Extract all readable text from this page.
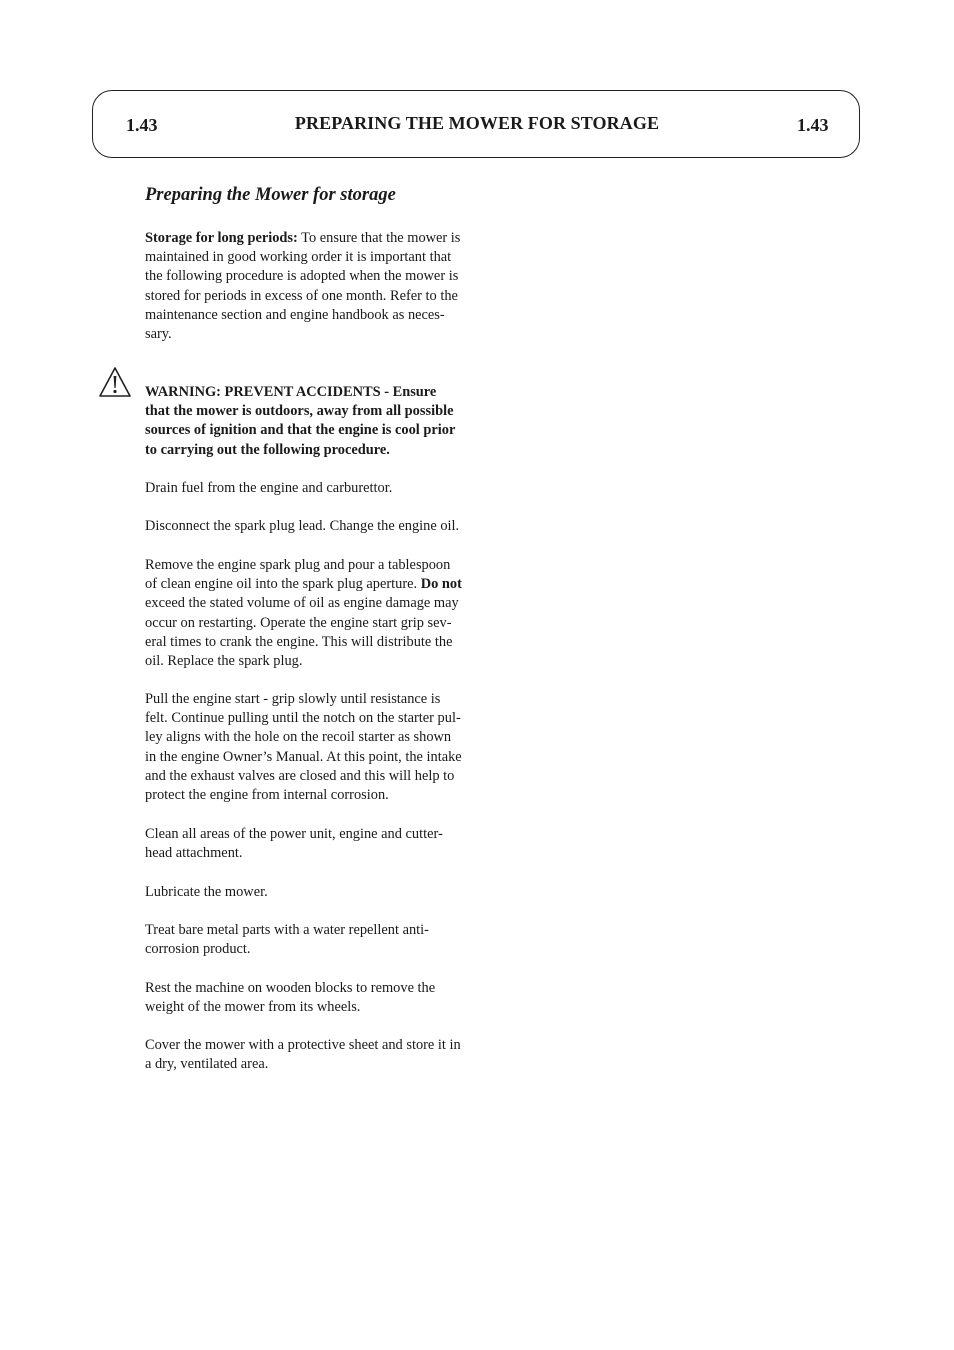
1.43	PREPARING THE MOWER FOR STORAGE	1.43
Preparing the Mower for storage

Storage for long periods: To ensure that the mower is

maintained in good working order it is important that

the following procedure is adopted when the mower is

stored for periods in excess of one month. Refer to the

maintenance section and engine handbook as neces-

sary.

WARNING: PREVENT ACCIDENTS - Ensure

that the mower is outdoors, away from all possible

sources of ignition and that the engine is cool prior

to carrying out the following procedure.

Drain fuel from the engine and carburettor.

Disconnect the spark plug lead. Change the engine oil.

Remove the engine spark plug and pour a tablespoon

of clean engine oil into the spark plug aperture. Do not

exceed the stated volume of oil as engine damage may

occur on restarting. Operate the engine start grip sev-

eral times to crank the engine. This will distribute the

oil. Replace the spark plug.

Pull the engine start - grip slowly until resistance is

felt. Continue pulling until the notch on the starter pul-

ley aligns with the hole on the recoil starter as shown

in the engine Owner’s Manual. At this point, the intake

and the exhaust valves are closed and this will help to

protect the engine from internal corrosion.

Clean all areas of the power unit, engine and cutter-

head attachment.

Lubricate the mower.

Treat bare metal parts with a water repellent anti-

corrosion product.

Rest the machine on wooden blocks to remove the

weight of the mower from its wheels.

Cover the mower with a protective sheet and store it in

a dry, ventilated area.
